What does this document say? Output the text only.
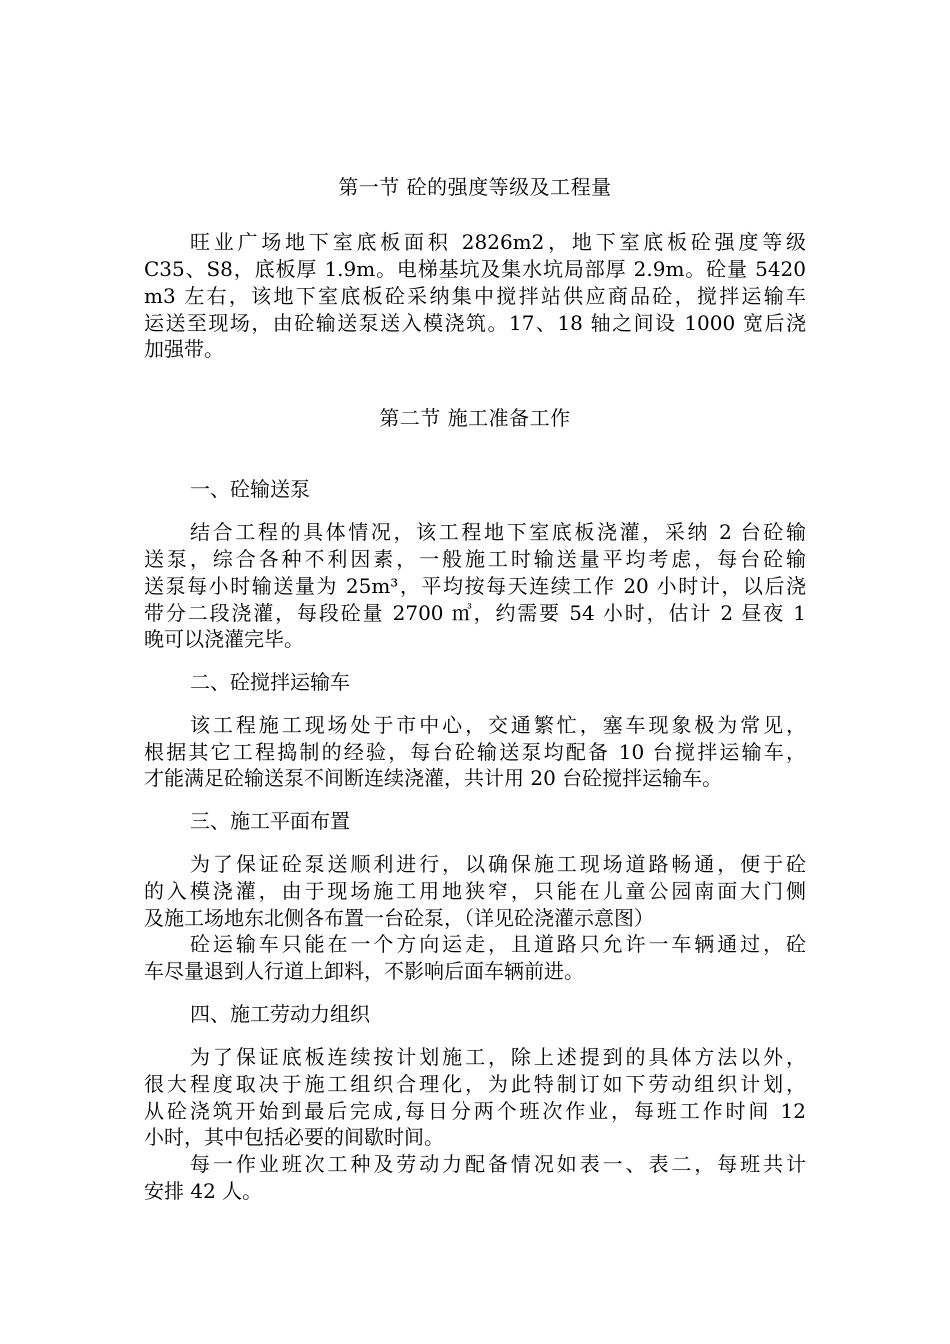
第一节 砼的强度等级及工程量
旺业广场地下室底板面积 2826m2，地下室底板砼强度等级
C35、S8，底板厚 1.9m。电梯基坑及集水坑局部厚 2.9m。砼量 5420
m3 左右，该地下室底板砼采纳集中搅拌站供应商品砼，搅拌运输车
运送至现场，由砼输送泵送入模浇筑。17、18 轴之间设 1000 宽后浇
加强带。
第二节 施工准备工作
一、砼输送泵
结合工程的具体情况，该工程地下室底板浇灌，采纳 2 台砼输
送泵，综合各种不利因素，一般施工时输送量平均考虑，每台砼输
送泵每小时输送量为 25m³，平均按每天连续工作 20 小时计，以后浇
带分二段浇灌，每段砼量 2700 ㎥，约需要 54 小时，估计 2 昼夜 1
晚可以浇灌完毕。
二、砼搅拌运输车
该工程施工现场处于市中心，交通繁忙，塞车现象极为常见，
根据其它工程捣制的经验，每台砼输送泵均配备 10 台搅拌运输车，
才能满足砼输送泵不间断连续浇灌，共计用 20 台砼搅拌运输车。
三、施工平面布置
为了保证砼泵送顺利进行，以确保施工现场道路畅通，便于砼
的入模浇灌，由于现场施工用地狭窄，只能在儿童公园南面大门侧
及施工场地东北侧各布置一台砼泵，（详见砼浇灌示意图）
砼运输车只能在一个方向运走，且道路只允许一车辆通过，砼
车尽量退到人行道上卸料，不影响后面车辆前进。
四、施工劳动力组织
为了保证底板连续按计划施工，除上述提到的具体方法以外，
很大程度取决于施工组织合理化，为此特制订如下劳动组织计划，
从砼浇筑开始到最后完成,每日分两个班次作业，每班工作时间 12
小时，其中包括必要的间歇时间。
每一作业班次工种及劳动力配备情况如表一、表二，每班共计
安排 42 人。
